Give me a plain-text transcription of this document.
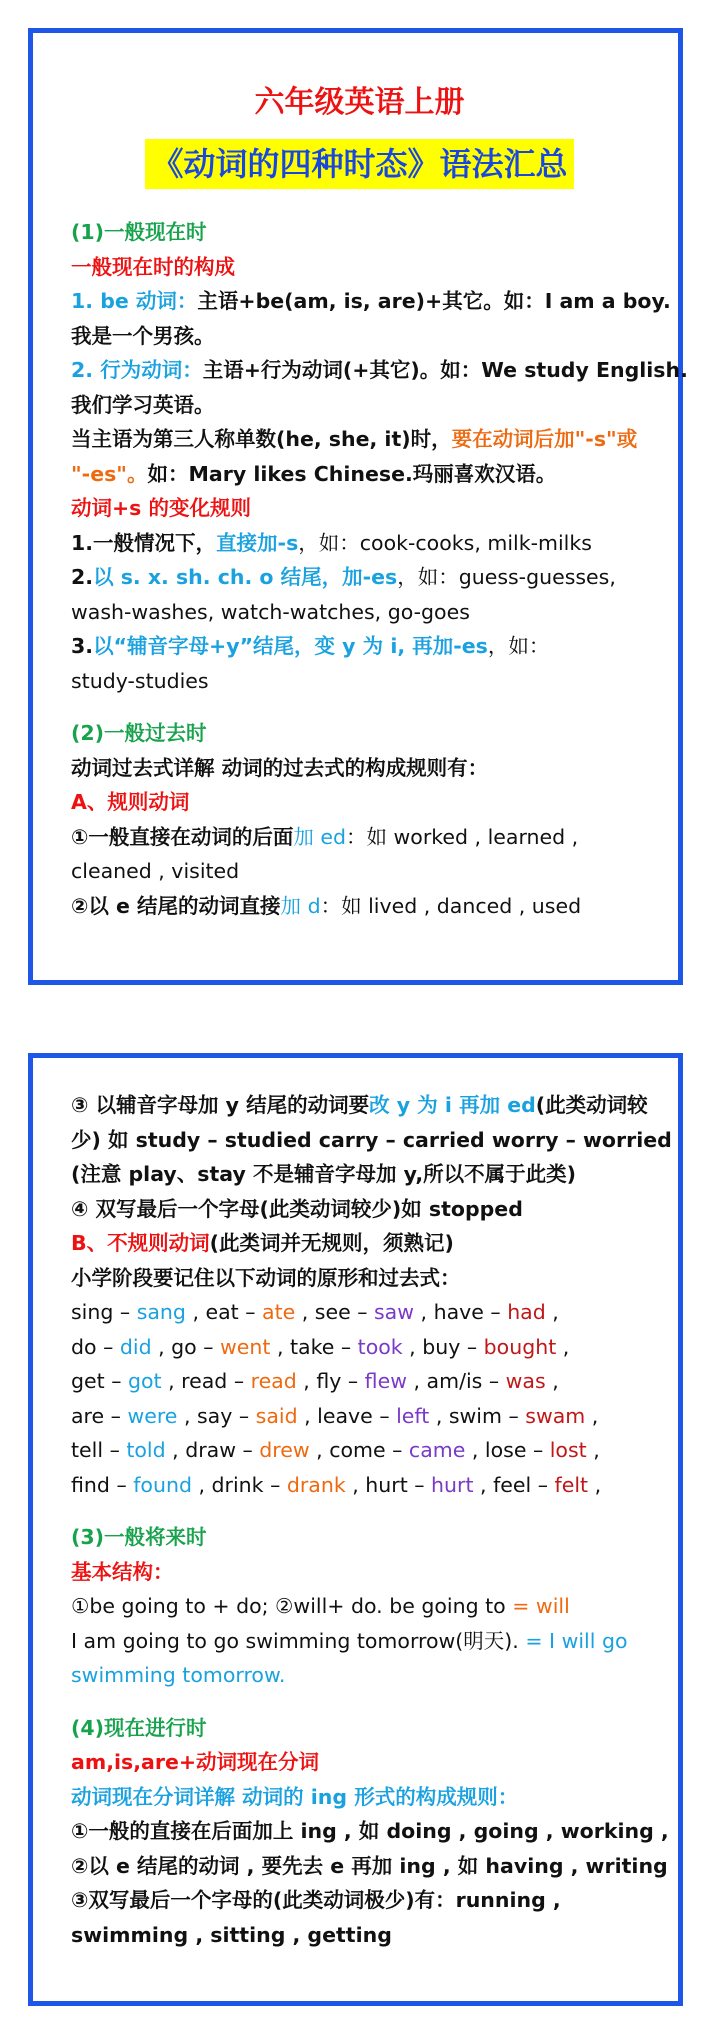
六年级英语上册
《动词的四种时态》语法汇总
(1)一般现在时
一般现在时的构成
1. be 动词：主语+be(am, is, are)+其它。如：I am a boy.
我是一个男孩。
2. 行为动词：主语+行为动词(+其它)。如：We study English.
我们学习英语。
当主语为第三人称单数(he, she, it)时，要在动词后加"-s"或
"-es"。如：Mary likes Chinese.玛丽喜欢汉语。
动词+s 的变化规则
1.一般情况下，直接加-s，如：cook-cooks, milk-milks
2.以 s. x. sh. ch. o 结尾，加-es，如：guess-guesses,
wash-washes, watch-watches, go-goes
3.以“辅音字母+y”结尾，变 y 为 i, 再加-es，如：
study-studies
(2)一般过去时
动词过去式详解 动词的过去式的构成规则有：
A、规则动词
①一般直接在动词的后面加 ed：如 worked , learned ,
cleaned , visited
②以 e 结尾的动词直接加 d：如 lived , danced , used
③ 以辅音字母加 y 结尾的动词要改 y 为 i 再加 ed(此类动词较
少) 如 study – studied carry – carried worry – worried
(注意 play、stay 不是辅音字母加 y,所以不属于此类)
④ 双写最后一个字母(此类动词较少)如 stopped
B、不规则动词(此类词并无规则，须熟记)
小学阶段要记住以下动词的原形和过去式：
sing – sang , eat – ate , see – saw , have – had ,
do – did , go – went , take – took , buy – bought ,
get – got , read – read , fly – flew , am/is – was ,
are – were , say – said , leave – left , swim – swam ,
tell – told , draw – drew , come – came , lose – lost ,
find – found , drink – drank , hurt – hurt , feel – felt ,
(3)一般将来时
基本结构：
①be going to + do; ②will+ do. be going to = will
I am going to go swimming tomorrow(明天). = I will go
swimming tomorrow.
(4)现在进行时
am,is,are+动词现在分词
动词现在分词详解 动词的 ing 形式的构成规则：
①一般的直接在后面加上 ing , 如 doing , going , working ,
②以 e 结尾的动词 , 要先去 e 再加 ing , 如 having , writing
③双写最后一个字母的(此类动词极少)有：running ,
swimming , sitting , getting
